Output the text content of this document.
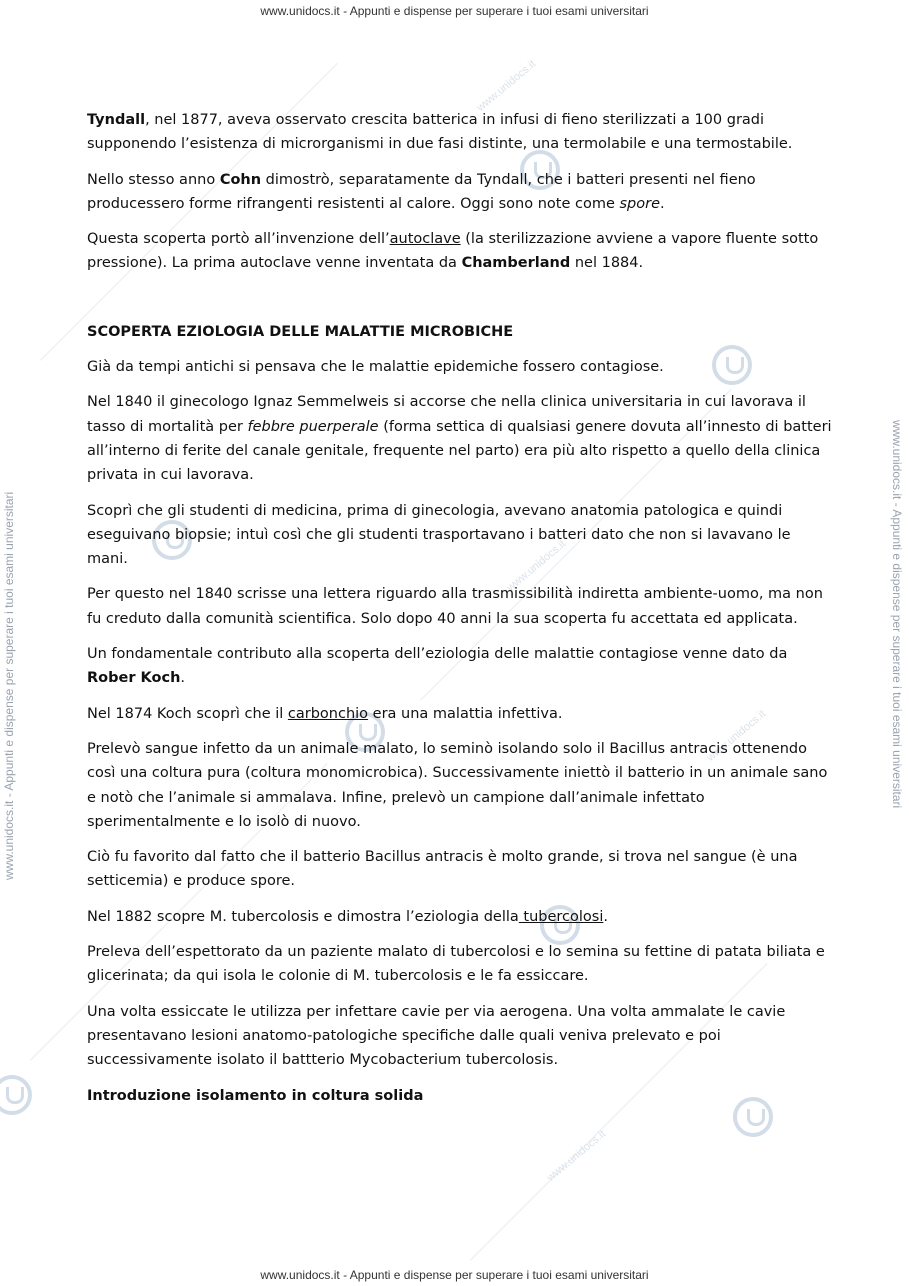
www.unidocs.it
www.unidocs.it
www.unidocs.it
www.unidocs.it
www.unidocs.it - Appunti e dispense per superare i tuoi esami universitari
www.unidocs.it - Appunti e dispense per superare i tuoi esami universitari	www.unidocs.it - Appunti e dispense per superare i tuoi esami universitari

Tyndall, nel 1877, aveva osservato crescita batterica in infusi di fieno sterilizzati a 100 gradi supponendo l’esistenza di microrganismi in due fasi distinte, una termolabile e una termostabile.

Nello stesso anno Cohn dimostrò, separatamente da Tyndall, che i batteri presenti nel fieno producessero forme rifrangenti resistenti al calore. Oggi sono note come spore.

Questa scoperta portò all’invenzione dell’autoclave (la sterilizzazione avviene a vapore fluente sotto pressione). La prima autoclave venne inventata da Chamberland nel 1884.

SCOPERTA EZIOLOGIA DELLE MALATTIE MICROBICHE

Già da tempi antichi si pensava che le malattie epidemiche fossero contagiose.

Nel 1840 il ginecologo Ignaz Semmelweis si accorse che nella clinica universitaria in cui lavorava il tasso di mortalità per febbre puerperale (forma settica di qualsiasi genere dovuta all’innesto di batteri all’interno di ferite del canale genitale, frequente nel parto) era più alto rispetto a quello della clinica privata in cui lavorava.

Scoprì che gli studenti di medicina, prima di ginecologia, avevano anatomia patologica e quindi eseguivano biopsie; intuì così che gli studenti trasportavano i batteri dato che non si lavavano le mani.

Per questo nel 1840 scrisse una lettera riguardo alla trasmissibilità indiretta ambiente-uomo, ma non fu creduto dalla comunità scientifica. Solo dopo 40 anni la sua scoperta fu accettata ed applicata.

Un fondamentale contributo alla scoperta dell’eziologia delle malattie contagiose venne dato da Rober Koch.

Nel 1874 Koch scoprì che il carbonchio era una malattia infettiva.

Prelevò sangue infetto da un animale malato, lo seminò isolando solo il Bacillus antracis ottenendo così una coltura pura (coltura monomicrobica). Successivamente iniettò il batterio in un animale sano e notò che l’animale si ammalava. Infine, prelevò un campione dall’animale infettato sperimentalmente e lo isolò di nuovo.

Ciò fu favorito dal fatto che il batterio Bacillus antracis è molto grande, si trova nel sangue (è una setticemia) e produce spore.

Nel 1882 scopre M. tubercolosis e dimostra l’eziologia della tubercolosi.

Preleva dell’espettorato da un paziente malato di tubercolosi e lo semina su fettine di patata biliata e glicerinata; da qui isola le colonie di M. tubercolosis e le fa essiccare.

Una volta essiccate le utilizza per infettare cavie per via aerogena. Una volta ammalate le cavie presentavano lesioni anatomo-patologiche specifiche dalle quali veniva prelevato e poi successivamente isolato il battterio Mycobacterium tubercolosis.

Introduzione isolamento in coltura solida

www.unidocs.it - Appunti e dispense per superare i tuoi esami universitari
